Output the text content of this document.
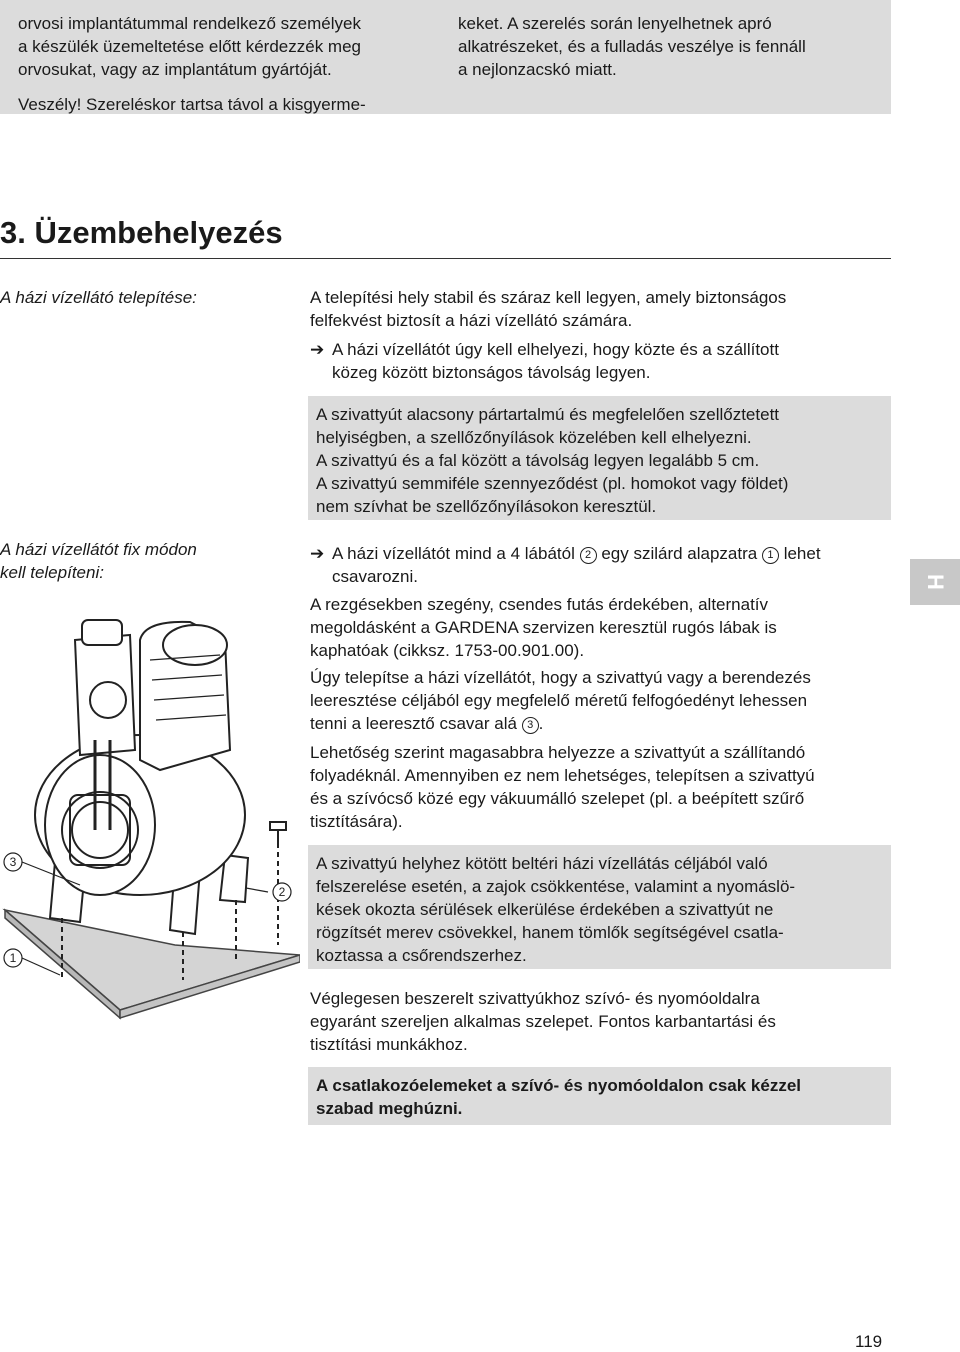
orvosi implantátummal rendelkező személyek
a készülék üzemeltetése előtt kérdezzék meg
orvosukat, vagy az implantátum gyártóját.
Veszély! Szereléskor tartsa távol a kisgyerme-
keket. A szerelés során lenyelhetnek apró
alkatrészeket, és a fulladás veszélye is fennáll
a nejlonzacskó miatt.
3. Üzembehelyezés

A házi vízellátó telepítése:

A házi vízellátót fix módon
kell telepíteni:
A telepítési hely stabil és száraz kell legyen, amely biztonságos
felfekvést biztosít a házi vízellátó számára.
➔ A házi vízellátót úgy kell elhelyezi, hogy közte és a szállított
közeg között biztonságos távolság legyen.
A szivattyút alacsony pártartalmú és megfelelően szellőztetett
helyiségben, a szellőzőnyílások közelében kell elhelyezni.
A szivattyú és a fal között a távolság legyen legalább 5 cm.
A szivattyú semmiféle szennyeződést (pl. homokot vagy földet)
nem szívhat be szellőzőnyílásokon keresztül.
➔ A házi vízellátót mind a 4 lábától 2 egy szilárd alapzatra 1 lehet
csavarozni.
A rezgésekben szegény, csendes futás érdekében, alternatív
megoldásként a GARDENA szervizen keresztül rugós lábak is
kaphatóak (cikksz. 1753-00.901.00).
Úgy telepítse a házi vízellátót, hogy a szivattyú vagy a berendezés
leeresztése céljából egy megfelelő méretű felfogóedényt lehessen
tenni a leeresztő csavar alá 3 .
Lehetőség szerint magasabbra helyezze a szivattyút a szállítandó
folyadéknál. Amennyiben ez nem lehetséges, telepítsen a szivattyú
és a szívócső közé egy vákuumálló szelepet (pl. a beépített szűrő
tisztítására).
A szivattyú helyhez kötött beltéri házi vízellátás céljából való
felszerelése esetén, a zajok csökkentése, valamint a nyomáslö-
kések okozta sérülések elkerülése érdekében a szivattyút ne
rögzítsét merev csövekkel, hanem tömlők segítségével csatla-
koztassa a csőrendszerhez.
Véglegesen beszerelt szivattyúkhoz szívó- és nyomóoldalra
egyaránt szereljen alkalmas szelepet. Fontos karbantartási és
tisztítási munkákhoz.
A csatlakozóelemeket a szívó- és nyomóoldalon csak kézzel
szabad meghúzni.
3
1
2
H
119
